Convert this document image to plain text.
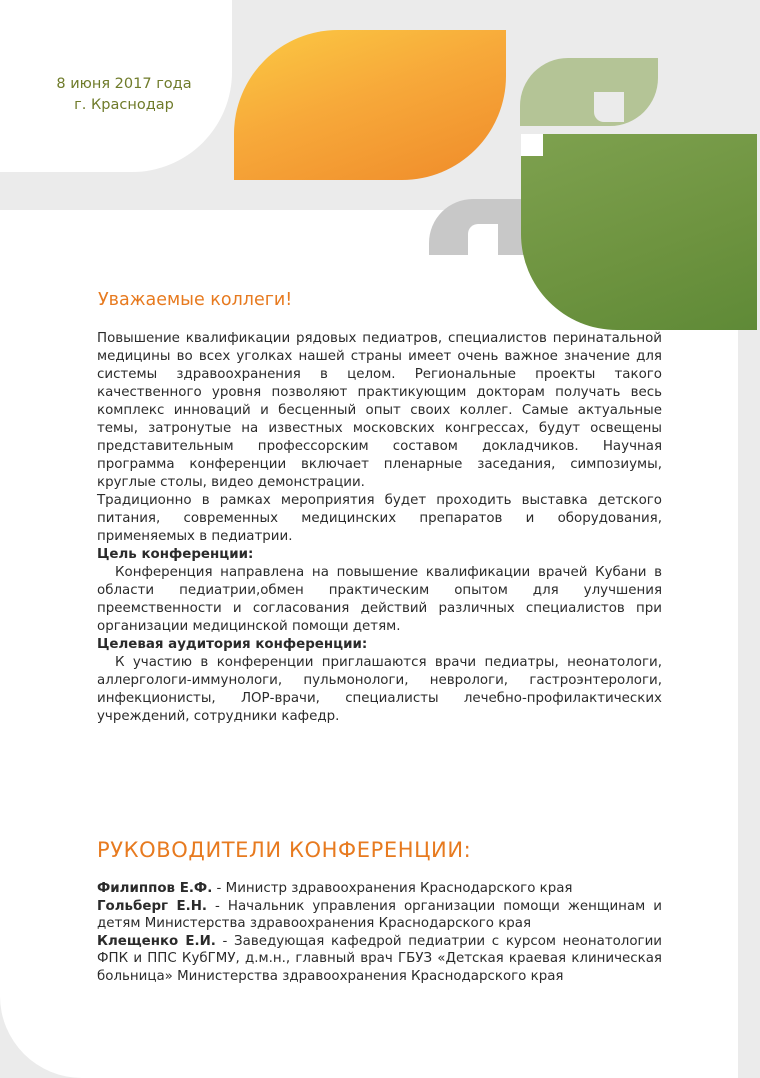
8 июня 2017 года
г. Краснодар
Уважаемые коллеги!

Повышение квалификации рядовых педиатров, специалистов перинатальной медицины во всех уголках нашей страны имеет очень важное значение для системы здравоохранения в целом. Региональные проекты такого качественного уровня позволяют практикующим докторам получать весь комплекс инноваций и бесценный опыт своих коллег. Самые актуальные темы, затронутые на известных московских конгрессах, будут освещены представительным профессорским составом докладчиков. Научная программа конференции включает пленарные заседания, симпозиумы, круглые столы, видео демонстрации.

Традиционно в рамках мероприятия будет проходить выставка детского питания, современных медицинских препаратов и оборудования, применяемых в педиатрии.

Цель конференции:

Конференция направлена на повышение квалификации врачей Кубани в области педиатрии,обмен практическим опытом для улучшения преемственности и согласования действий различных специалистов при организации медицинской помощи детям.

Целевая аудитория конференции:

К участию в конференции приглашаются врачи педиатры, неонатологи, аллергологи-иммунологи, пульмонологи, неврологи, гастроэнтерологи, инфекционисты, ЛОР-врачи, специалисты лечебно-профилактических учреждений, сотрудники кафедр.

РУКОВОДИТЕЛИ КОНФЕРЕНЦИИ:

Филиппов Е.Ф. - Министр здравоохранения Краснодарского края

Гольберг Е.Н. - Начальник управления организации помощи женщинам и детям Министерства здравоохранения Краснодарского края

Клещенко Е.И. - Заведующая кафедрой педиатрии с курсом неонатологии ФПК и ППС КубГМУ, д.м.н., главный врач ГБУЗ «Детская краевая клиническая больница» Министерства здравоохранения Краснодарского края
